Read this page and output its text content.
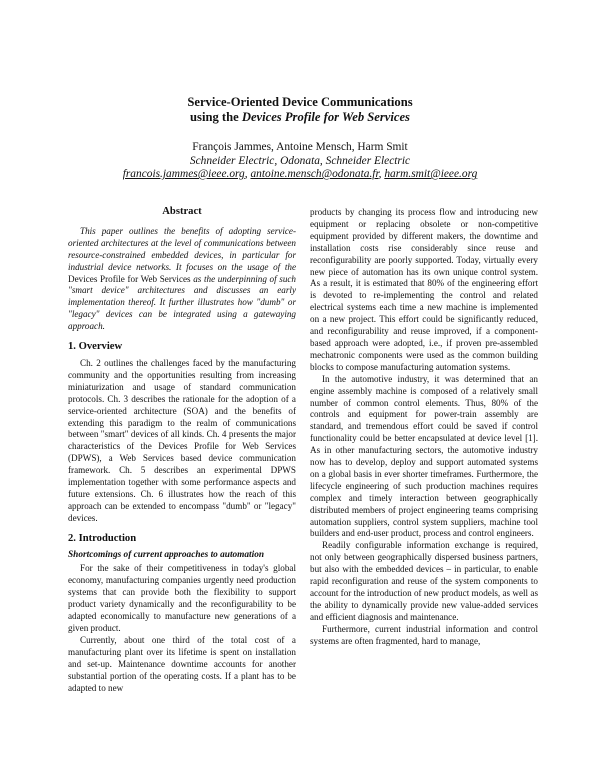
Service-Oriented Device Communications
using the Devices Profile for Web Services

François Jammes, Antoine Mensch, Harm Smit

Schneider Electric, Odonata, Schneider Electric

francois.jammes@ieee.org, antoine.mensch@odonata.fr, harm.smit@ieee.org

Abstract

This paper outlines the benefits of adopting service-oriented architectures at the level of communications between resource-constrained embedded devices, in particular for industrial device networks. It focuses on the usage of the Devices Profile for Web Services as the underpinning of such "smart device" architectures and discusses an early implementation thereof. It further illustrates how "dumb" or "legacy" devices can be integrated using a gatewaying approach.

1. Overview

Ch. 2 outlines the challenges faced by the manufacturing community and the opportunities resulting from increasing miniaturization and usage of standard communication protocols. Ch. 3 describes the rationale for the adoption of a service-oriented architecture (SOA) and the benefits of extending this paradigm to the realm of communications between "smart" devices of all kinds. Ch. 4 presents the major characteristics of the Devices Profile for Web Services (DPWS), a Web Services based device communication framework. Ch. 5 describes an experimental DPWS implementation together with some performance aspects and future extensions. Ch. 6 illustrates how the reach of this approach can be extended to encompass "dumb" or "legacy" devices.

2. Introduction
Shortcomings of current approaches to automation

For the sake of their competitiveness in today's global economy, manufacturing companies urgently need production systems that can provide both the flexibility to support product variety dynamically and the reconfigurability to be adapted economically to manufacture new generations of a given product.

Currently, about one third of the total cost of a manufacturing plant over its lifetime is spent on installation and set-up. Maintenance downtime accounts for another substantial portion of the operating costs. If a plant has to be adapted to new

products by changing its process flow and introducing new equipment or replacing obsolete or non-competitive equipment provided by different makers, the downtime and installation costs rise considerably since reuse and reconfigurability are poorly supported. Today, virtually every new piece of automation has its own unique control system. As a result, it is estimated that 80% of the engineering effort is devoted to re-implementing the control and related electrical systems each time a new machine is implemented on a new project. This effort could be significantly reduced, and reconfigurability and reuse improved, if a component-based approach were adopted, i.e., if proven pre-assembled mechatronic components were used as the common building blocks to compose manufacturing automation systems.

In the automotive industry, it was determined that an engine assembly machine is composed of a relatively small number of common control elements. Thus, 80% of the controls and equipment for power-train assembly are standard, and tremendous effort could be saved if control functionality could be better encapsulated at device level [1]. As in other manufacturing sectors, the automotive industry now has to develop, deploy and support automated systems on a global basis in ever shorter timeframes. Furthermore, the lifecycle engineering of such production machines requires complex and timely interaction between geographically distributed members of project engineering teams comprising automation suppliers, control system suppliers, machine tool builders and end-user product, process and control engineers.

Readily configurable information exchange is required, not only between geographically dispersed business partners, but also with the embedded devices – in particular, to enable rapid reconfiguration and reuse of the system components to account for the introduction of new product models, as well as the ability to dynamically provide new value-added services and efficient diagnosis and maintenance.

Furthermore, current industrial information and control systems are often fragmented, hard to manage,
